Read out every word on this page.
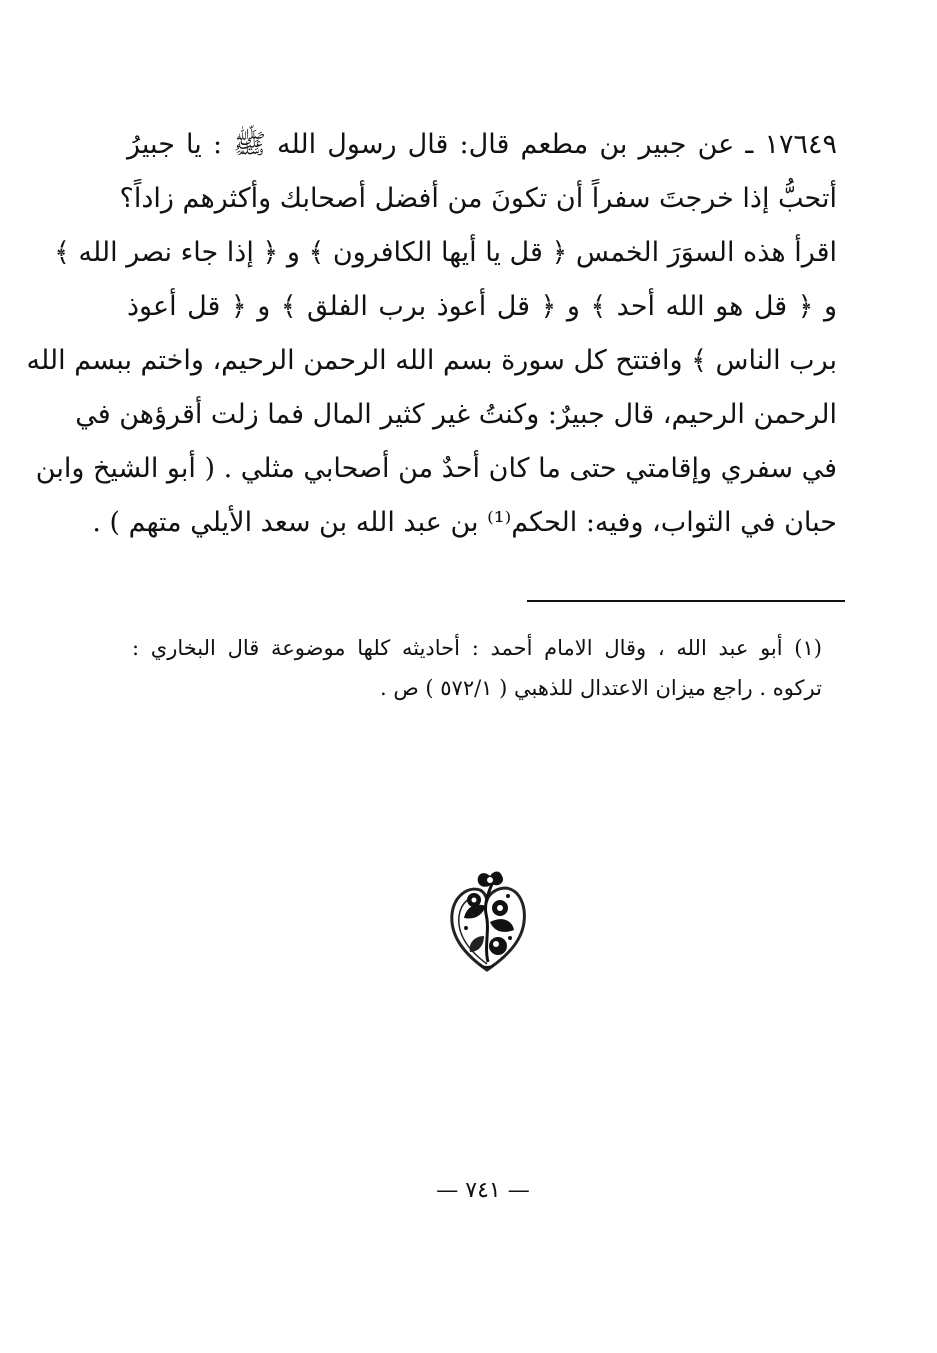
١٧٦٤٩ ـ عن جبير بن مطعم قال: قال رسول الله ﷺ : يا جبيرُ
أتحبُّ إذا خرجتَ سفراً أن تكونَ من أفضل أصحابك وأكثرهم زاداً؟
اقرأ هذه السوَرَ الخمس ﴿ قل يا أيها الكافرون ﴾ و ﴿ إذا جاء نصر الله ﴾
و ﴿ قل هو الله أحد ﴾ و ﴿ قل أعوذ برب الفلق ﴾ و ﴿ قل أعوذ
برب الناس ﴾ وافتتح كل سورة بسم الله الرحمن الرحيم، واختم ببسم الله
الرحمن الرحيم، قال جبيرٌ: وكنتُ غير كثير المال فما زلت أقرؤهن في
في سفري وإقامتي حتى ما كان أحدٌ من أصحابي مثلي . ( أبو الشيخ وابن
حبان في الثواب، وفيه: الحكم⁽¹⁾ بن عبد الله بن سعد الأيلي متهم ) .
(١) أبو عبد الله ، وقال الامام أحمد : أحاديثه كلها موضوعة قال البخاري :
تركوه . راجع ميزان الاعتدال للذهبي ( ٥٧٢/١ ) ص .
— ٧٤١ —
